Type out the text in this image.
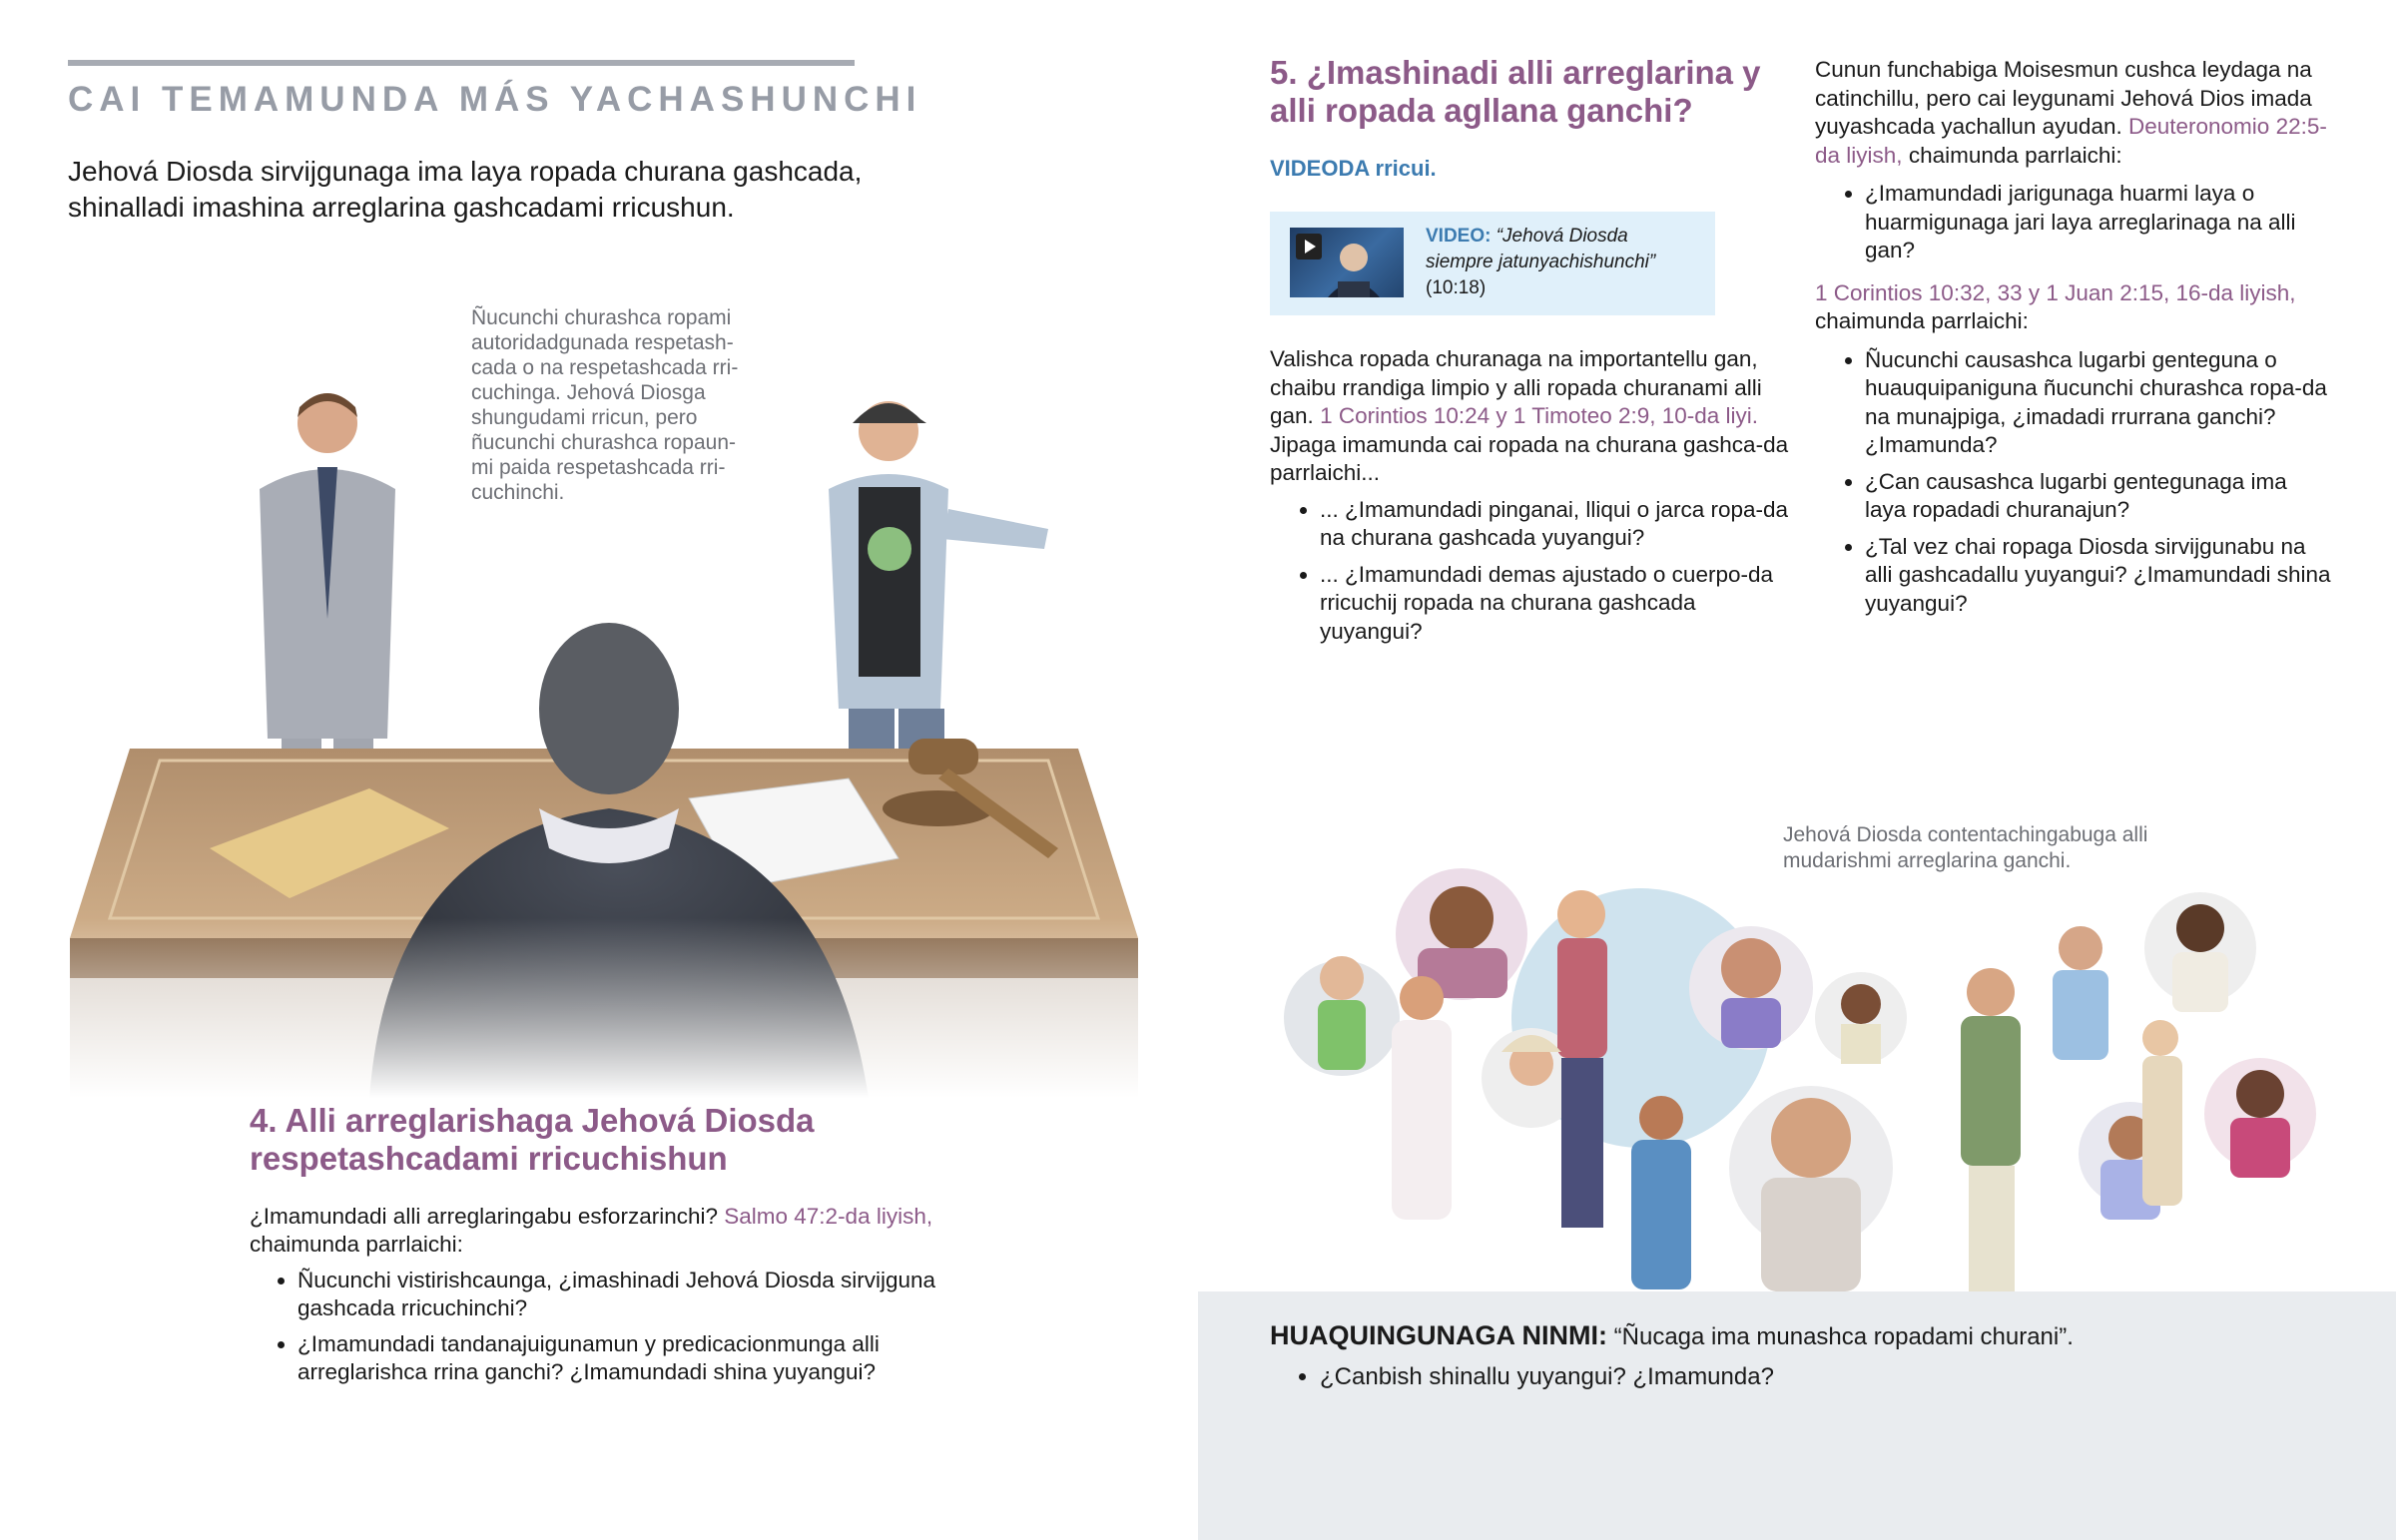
CAI TEMAMUNDA MÁS YACHASHUNCHI
Jehová Diosda sirvijgunaga ima laya ropada churana gashcada, shinalladi imashina arreglarina gashcadami rricushun.
Ñucunchi churashca ropami autoridadgunada respetash-cada o na respetashcada rri-
4. Alli arreglarishaga Jehová Diosda respetashcadami rricuchishun
¿Imamundadi alli arreglaringabu esforzarinchi? Salmo 47:2-da liyish, chaimunda parrlaichi:
• Ñucunchi vistirishcaunga, ¿imashinadi Jehová Diosda sirvijguna gashcada rricuchinchi?
• ¿Imamundadi tandanajuigunamun y predicacionmunga alli arreglarishca rrina ganchi? ¿Imamundadi shina yuyangui?
5. ¿Imashinadi alli arreglarina y alli ropada agllana ganchi?
VIDEODA rricui.
VIDEO: “Jehová Diosda siempre jatunyachishunchi”
(10:18)
Valishca ropada churanaga na importantellu gan, chaibu rrandiga limpio y alli ropada churanami alli gan. 1 Corintios 10:24 y 1 Timoteo 2:9, 10-da liyi. Jipaga imamunda cai ropada na churana gashca-da parrlaichi...
• ... ¿Imamundadi pinganai, lliqui o jarca ropa-da na churana gashcada yuyangui?
• ... ¿Imamundadi demas ajustado o cuerpo-da rricuchij ropada na churana gashcada yuyangui?

Cunun funchabiga Moisesmun cushca leydaga na catinchillu, pero cai leygunami Jehová Dios imada yuyashcada yachallun ayudan. Deuteronomio 22:5-da liyish, chaimunda parrlaichi:

• ¿Imamundadi jarigunaga huarmi laya o huarmigunaga jari laya arreglarinaga na alli gan?

1 Corintios 10:32, 33 y 1 Juan 2:15, 16-da liyish, chaimunda parrlaichi:

• Ñucunchi causashca lugarbi genteguna o huauquipaniguna ñucunchi churashca ropa-da na munajpiga, ¿imadadi rrurrana ganchi? ¿Imamunda?
• ¿Can causashca lugarbi gentegunaga ima laya ropadadi churanajun?
• ¿Tal vez chai ropaga Diosda sirvijgunabu na alli gashcadallu yuyangui? ¿Imamundadi shina yuyangui?
Jehová Diosda contentachingabuga alli mudarishmi arreglarina ganchi.
HUAQUINGUNAGA NINMI: “Ñucaga ima munashca ropadami churani”.
• ¿Canbish shinallu yuyangui? ¿Imamunda?
